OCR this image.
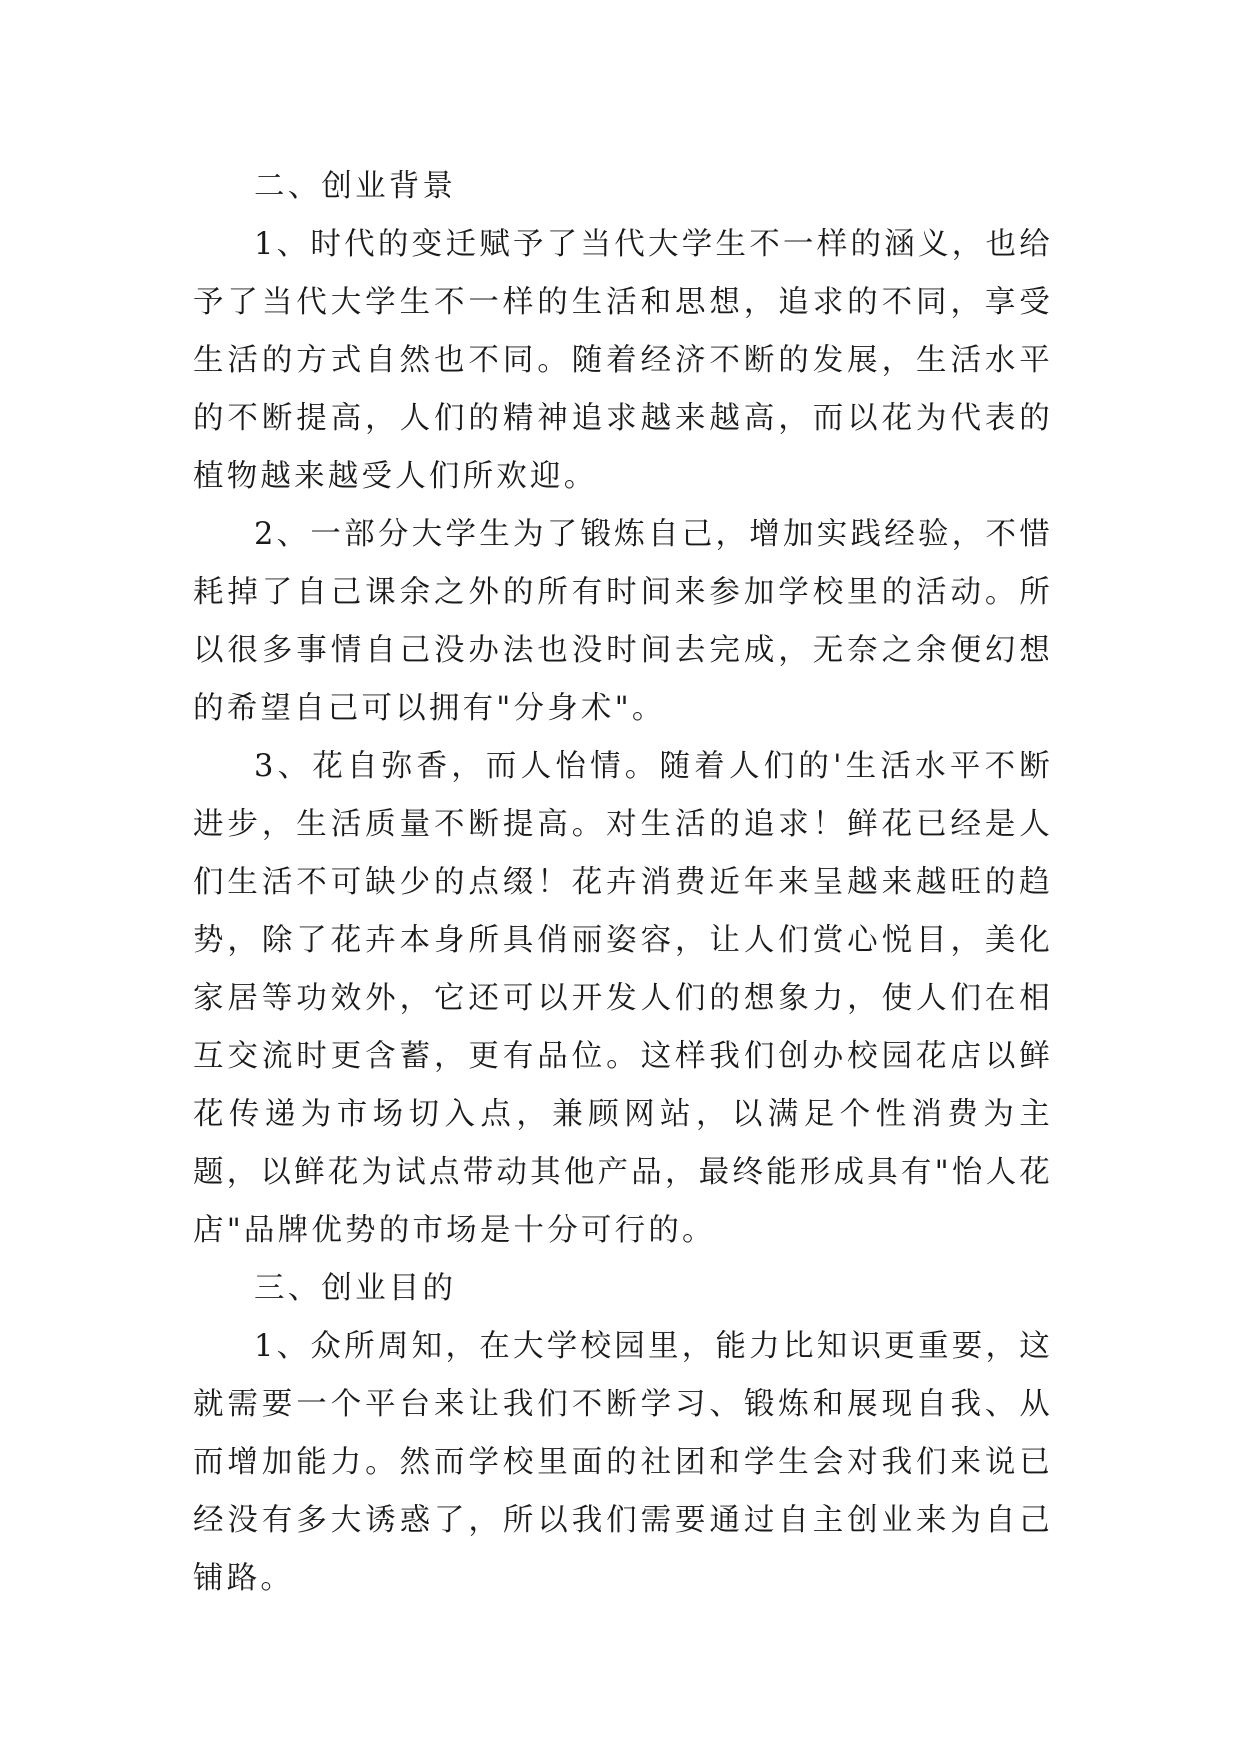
二、创业背景

1、时代的变迁赋予了当代大学生不一样的涵义，也给予了当代大学生不一样的生活和思想，追求的不同，享受生活的方式自然也不同。随着经济不断的发展，生活水平的不断提高，人们的精神追求越来越高，而以花为代表的植物越来越受人们所欢迎。

2、一部分大学生为了锻炼自己，增加实践经验，不惜耗掉了自己课余之外的所有时间来参加学校里的活动。所以很多事情自己没办法也没时间去完成，无奈之余便幻想的希望自己可以拥有"分身术"。

3、花自弥香，而人怡情。随着人们的'生活水平不断进步，生活质量不断提高。对生活的追求！鲜花已经是人们生活不可缺少的点缀！花卉消费近年来呈越来越旺的趋势，除了花卉本身所具俏丽姿容，让人们赏心悦目，美化家居等功效外，它还可以开发人们的想象力，使人们在相互交流时更含蓄，更有品位。这样我们创办校园花店以鲜花传递为市场切入点，兼顾网站，以满足个性消费为主题，以鲜花为试点带动其他产品，最终能形成具有"怡人花店"品牌优势的市场是十分可行的。

三、创业目的

1、众所周知，在大学校园里，能力比知识更重要，这就需要一个平台来让我们不断学习、锻炼和展现自我、从而增加能力。然而学校里面的社团和学生会对我们来说已经没有多大诱惑了，所以我们需要通过自主创业来为自己铺路。
